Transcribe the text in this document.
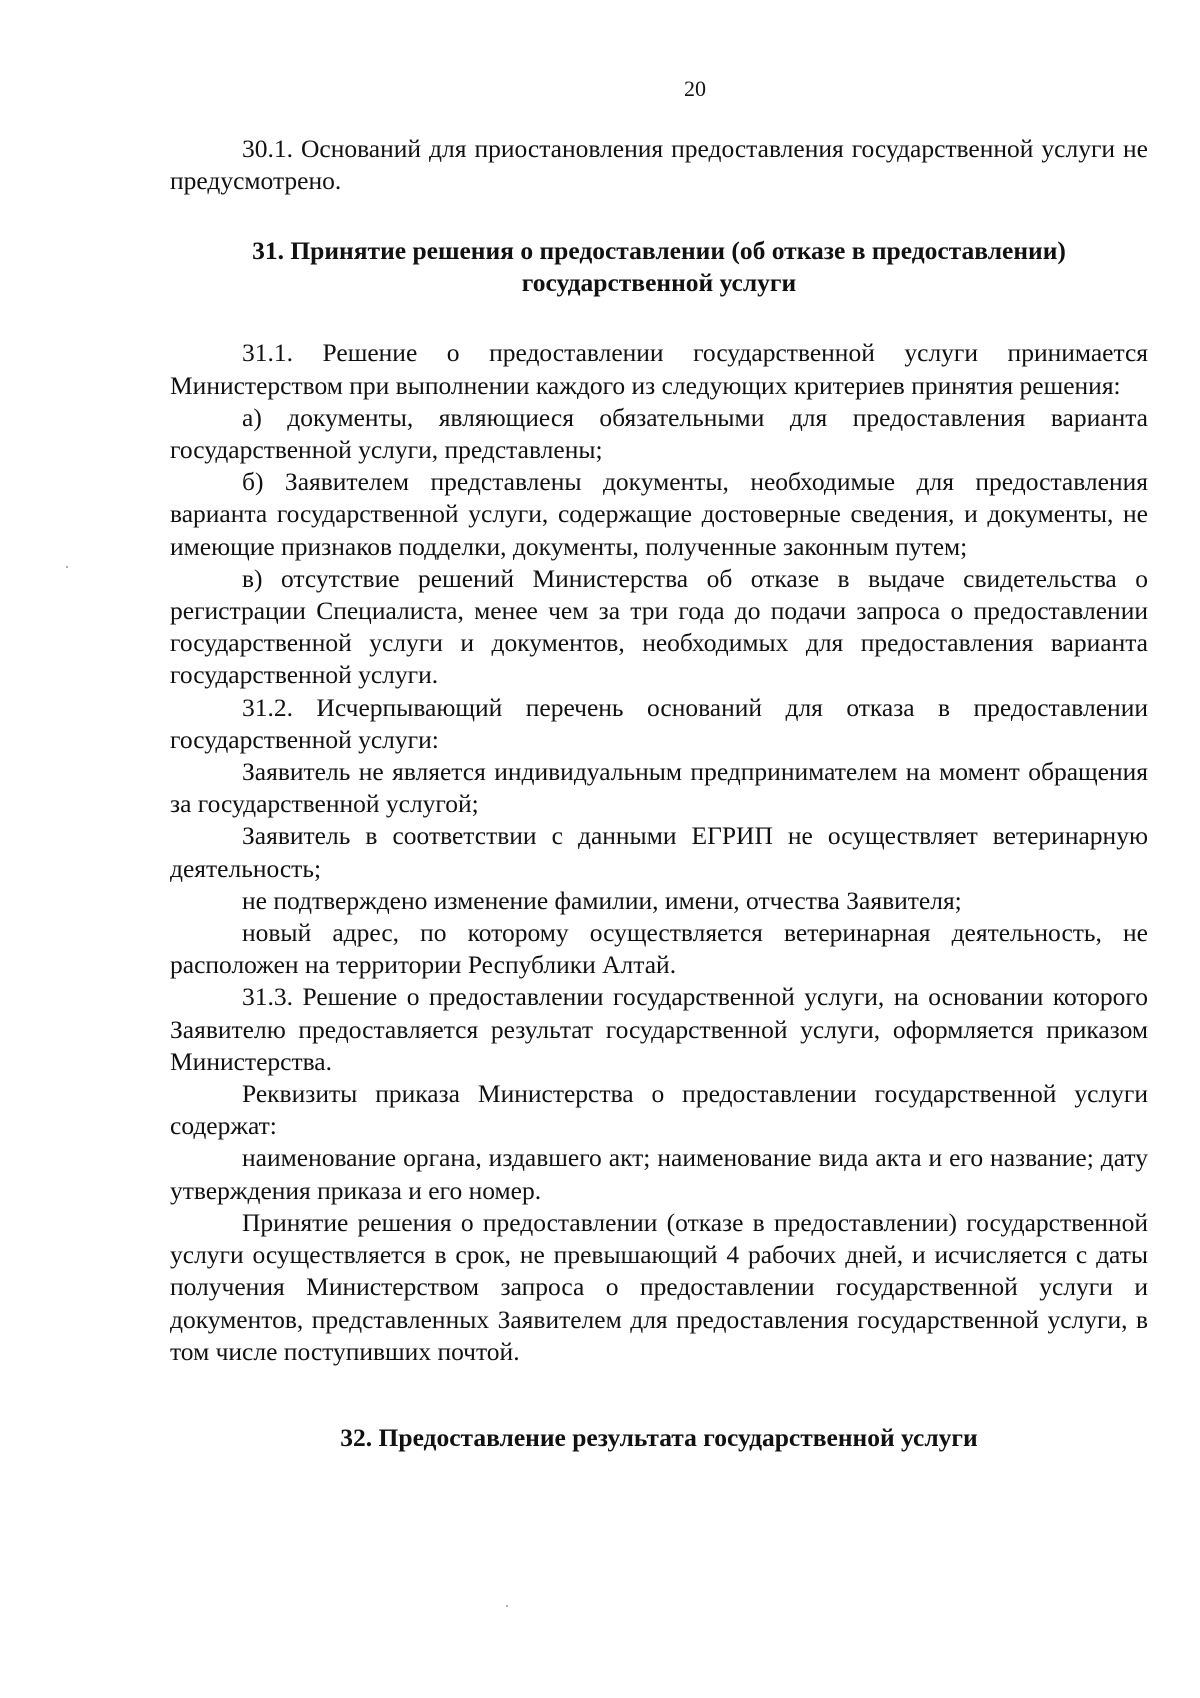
20

30.1. Оснований для приостановления предоставления государственной услуги не предусмотрено.

31. Принятие решения о предоставлении (об отказе в предоставлении) государственной услуги

31.1. Решение о предоставлении государственной услуги принимается Министерством при выполнении каждого из следующих критериев принятия решения:

а) документы, являющиеся обязательными для предоставления варианта государственной услуги, представлены;

б) Заявителем представлены документы, необходимые для предоставления варианта государственной услуги, содержащие достоверные сведения, и документы, не имеющие признаков подделки, документы, полученные законным путем;

в) отсутствие решений Министерства об отказе в выдаче свидетельства о регистрации Специалиста, менее чем за три года до подачи запроса о предоставлении государственной услуги и документов, необходимых для предоставления варианта государственной услуги.

31.2. Исчерпывающий перечень оснований для отказа в предоставлении государственной услуги:

Заявитель не является индивидуальным предпринимателем на момент обращения за государственной услугой;

Заявитель в соответствии с данными ЕГРИП не осуществляет ветеринарную деятельность;

не подтверждено изменение фамилии, имени, отчества Заявителя;

новый адрес, по которому осуществляется ветеринарная деятельность, не расположен на территории Республики Алтай.

31.3. Решение о предоставлении государственной услуги, на основании которого Заявителю предоставляется результат государственной услуги, оформляется приказом Министерства.

Реквизиты приказа Министерства о предоставлении государственной услуги содержат:

наименование органа, издавшего акт; наименование вида акта и его название; дату утверждения приказа и его номер.

Принятие решения о предоставлении (отказе в предоставлении) государственной услуги осуществляется в срок, не превышающий 4 рабочих дней, и исчисляется с даты получения Министерством запроса о предоставлении государственной услуги и документов, представленных Заявителем для предоставления государственной услуги, в том числе поступивших почтой.

32. Предоставление результата государственной услуги
